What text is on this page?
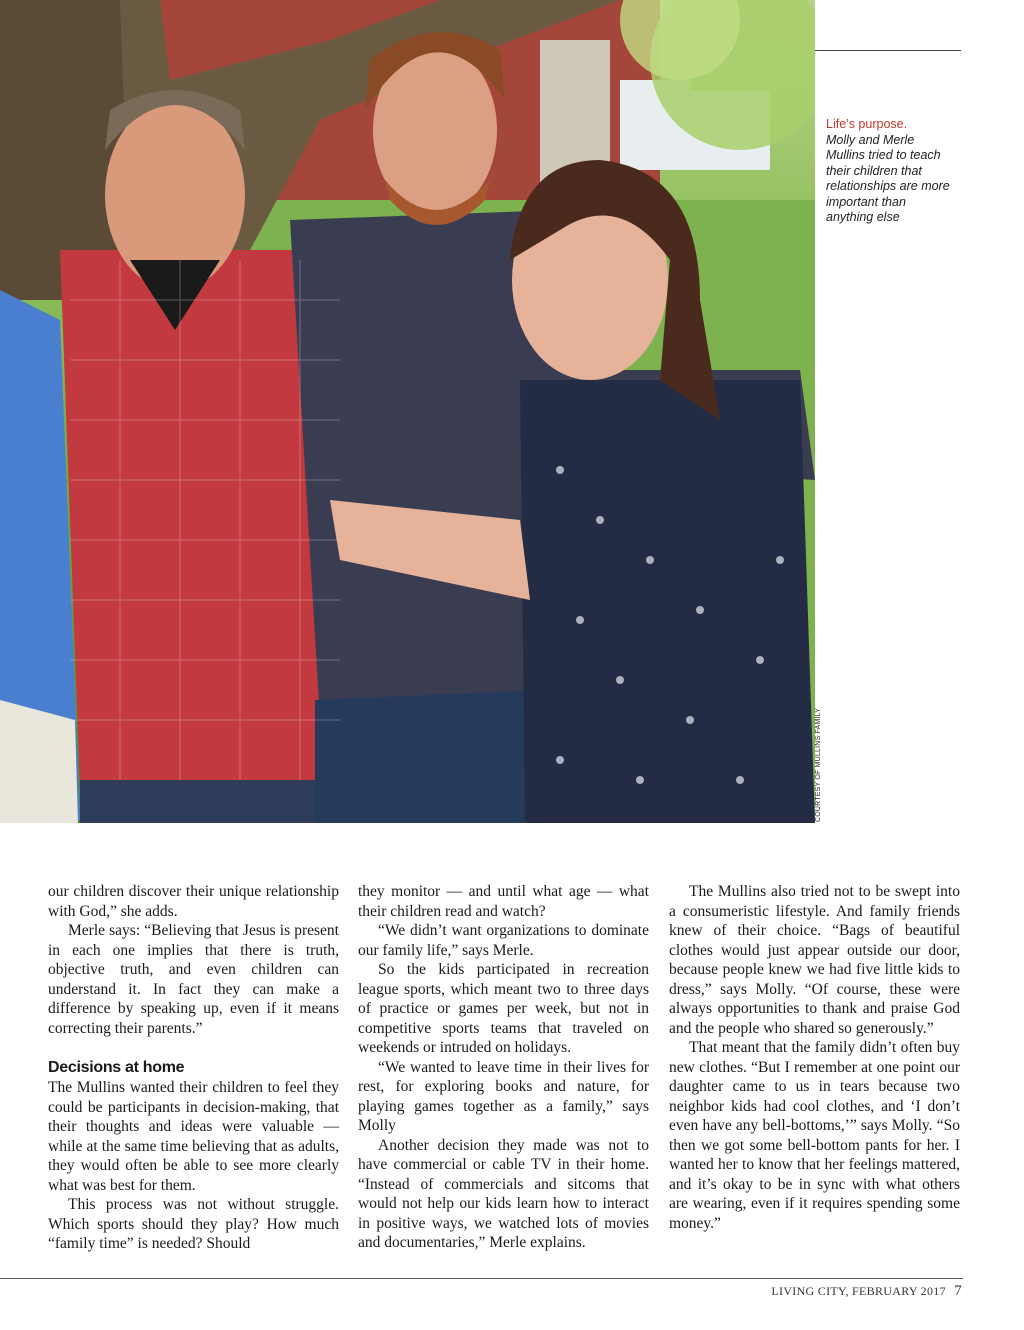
COURTESY OF MULLINS FAMILY
Life’s purpose.
Molly and Merle Mullins tried to teach their children that relationships are more important than anything else

our children discover their unique relationship with God,” she adds.

Merle says: “Believing that Jesus is present in each one implies that there is truth, objective truth, and even children can understand it. In fact they can make a difference by speaking up, even if it means correcting their parents.”

Decisions at home

The Mullins wanted their children to feel they could be participants in decision-making, that their thoughts and ideas were valuable — while at the same time believing that as adults, they would often be able to see more clearly what was best for them.

This process was not without struggle. Which sports should they play? How much “family time” is needed? Should

they monitor — and until what age — what their children read and watch?

“We didn’t want organizations to dominate our family life,” says Merle.

So the kids participated in recreation league sports, which meant two to three days of practice or games per week, but not in competitive sports teams that traveled on weekends or intruded on holidays.

“We wanted to leave time in their lives for rest, for exploring books and nature, for playing games together as a family,” says Molly

Another decision they made was not to have commercial or cable TV in their home. “Instead of commercials and sitcoms that would not help our kids learn how to interact in positive ways, we watched lots of movies and documentaries,” Merle explains.

The Mullins also tried not to be swept into a consumeristic lifestyle. And family friends knew of their choice. “Bags of beautiful clothes would just appear outside our door, because people knew we had five little kids to dress,” says Molly. “Of course, these were always opportunities to thank and praise God and the people who shared so generously.”

That meant that the family didn’t often buy new clothes. “But I remember at one point our daughter came to us in tears because two neighbor kids had cool clothes, and ‘I don’t even have any bell-bottoms,’” says Molly. “So then we got some bell-bottom pants for her. I wanted her to know that her feelings mattered, and it’s okay to be in sync with what others are wearing, even if it requires spending some money.”

LIVING CITY, FEBRUARY 2017 7
